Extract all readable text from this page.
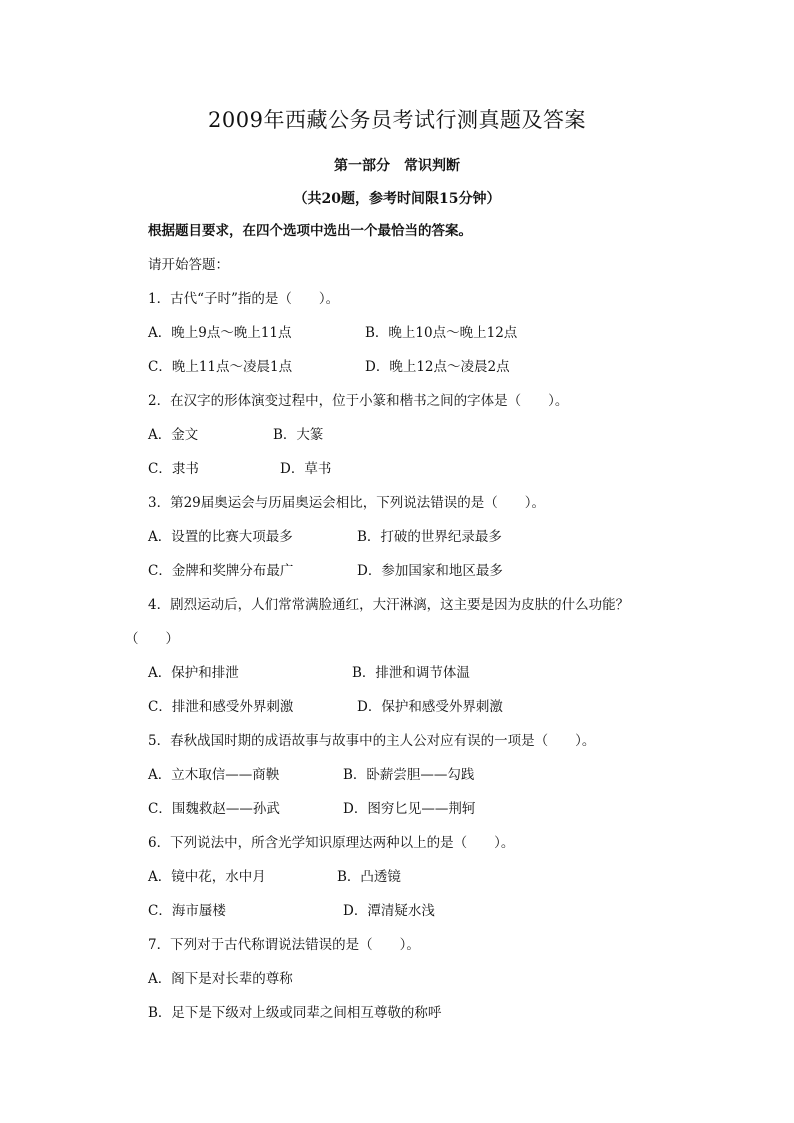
2009年西藏公务员考试行测真题及答案
第一部分　常识判断
（共20题，参考时间限15分钟）
根据题目要求，在四个选项中选出一个最恰当的答案。
请开始答题：
1．古代“子时”指的是（　　）。
A．晚上9点～晚上11点	B．晚上10点～晚上12点
C．晚上11点～凌晨1点	D．晚上12点～凌晨2点
2．在汉字的形体演变过程中，位于小篆和楷书之间的字体是（　　）。
A．金文	B．大篆
C．隶书	D．草书
3．第29届奥运会与历届奥运会相比，下列说法错误的是（　　）。
A．设置的比赛大项最多	B．打破的世界纪录最多
C．金牌和奖牌分布最广	D．参加国家和地区最多
4．剧烈运动后，人们常常满脸通红，大汗淋漓，这主要是因为皮肤的什么功能？
（　　）
A．保护和排泄	B．排泄和调节体温
C．排泄和感受外界刺激	D．保护和感受外界刺激
5．春秋战国时期的成语故事与故事中的主人公对应有误的一项是（　　）。
A．立木取信——商鞅	B．卧薪尝胆——勾践
C．围魏救赵——孙武	D．图穷匕见——荆轲
6．下列说法中，所含光学知识原理达两种以上的是（　　）。
A．镜中花，水中月	B．凸透镜
C．海市蜃楼	D．潭清疑水浅
7．下列对于古代称谓说法错误的是（　　）。
A．阁下是对长辈的尊称
B．足下是下级对上级或同辈之间相互尊敬的称呼
